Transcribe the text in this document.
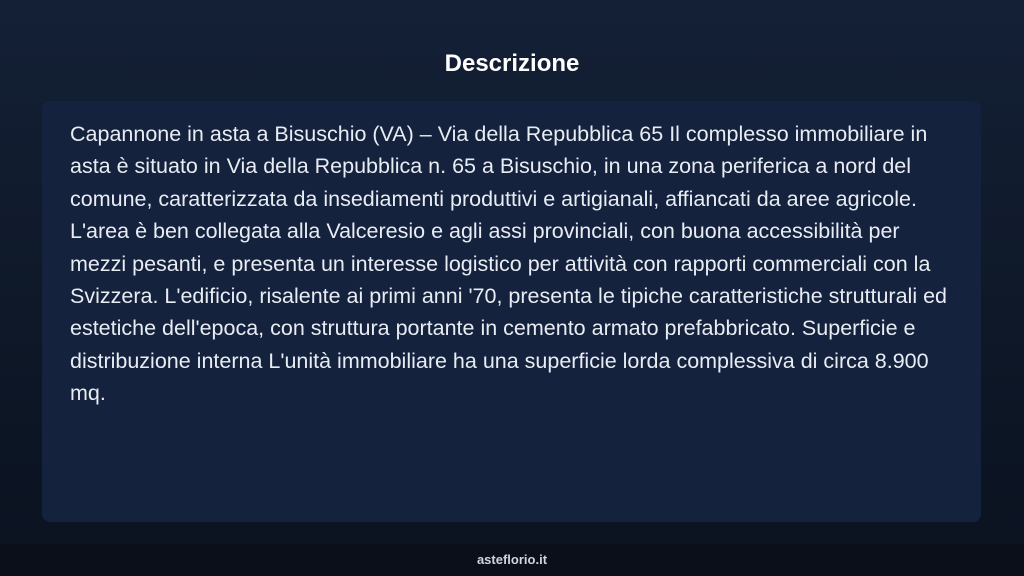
Descrizione

Capannone in asta a Bisuschio (VA) – Via della Repubblica 65 Il complesso immobiliare in asta è situato in Via della Repubblica n. 65 a Bisuschio, in una zona periferica a nord del comune, caratterizzata da insediamenti produttivi e artigianali, affiancati da aree agricole. L'area è ben collegata alla Valceresio e agli assi provinciali, con buona accessibilità per mezzi pesanti, e presenta un interesse logistico per attività con rapporti commerciali con la Svizzera. L'edificio, risalente ai primi anni '70, presenta le tipiche caratteristiche strutturali ed estetiche dell'epoca, con struttura portante in cemento armato prefabbricato. Superficie e distribuzione interna L'unità immobiliare ha una superficie lorda complessiva di circa 8.900 mq.

asteflorio.it
